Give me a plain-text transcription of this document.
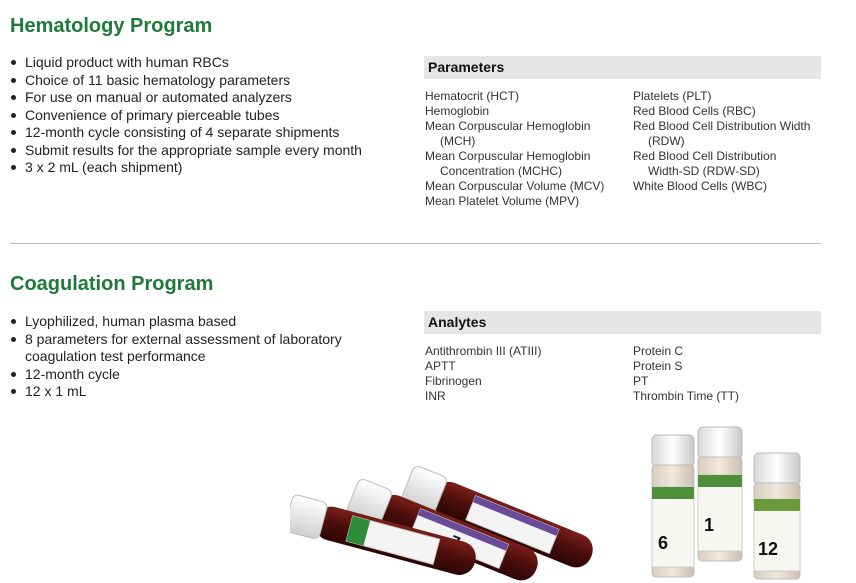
Hematology Program
Liquid product with human RBCs
Choice of 11 basic hematology parameters
For use on manual or automated analyzers
Convenience of primary pierceable tubes
12-month cycle consisting of 4 separate shipments
Submit results for the appropriate sample every month
3 x 2 mL (each shipment)
Parameters
Hematocrit (HCT)
Hemoglobin
Mean Corpuscular Hemoglobin (MCH)
Mean Corpuscular Hemoglobin Concentration (MCHC)
Mean Corpuscular Volume (MCV)
Mean Platelet Volume (MPV)
Platelets (PLT)
Red Blood Cells (RBC)
Red Blood Cell Distribution Width (RDW)
Red Blood Cell Distribution Width-SD (RDW-SD)
White Blood Cells (WBC)
Coagulation Program
Lyophilized, human plasma based
8 parameters for external assessment of laboratory coagulation test performance
12-month cycle
12 x 1 mL
Analytes
Antithrombin III (ATIII)
APTT
Fibrinogen
INR
Protein C
Protein S
PT
Thrombin Time (TT)
6
1
12
